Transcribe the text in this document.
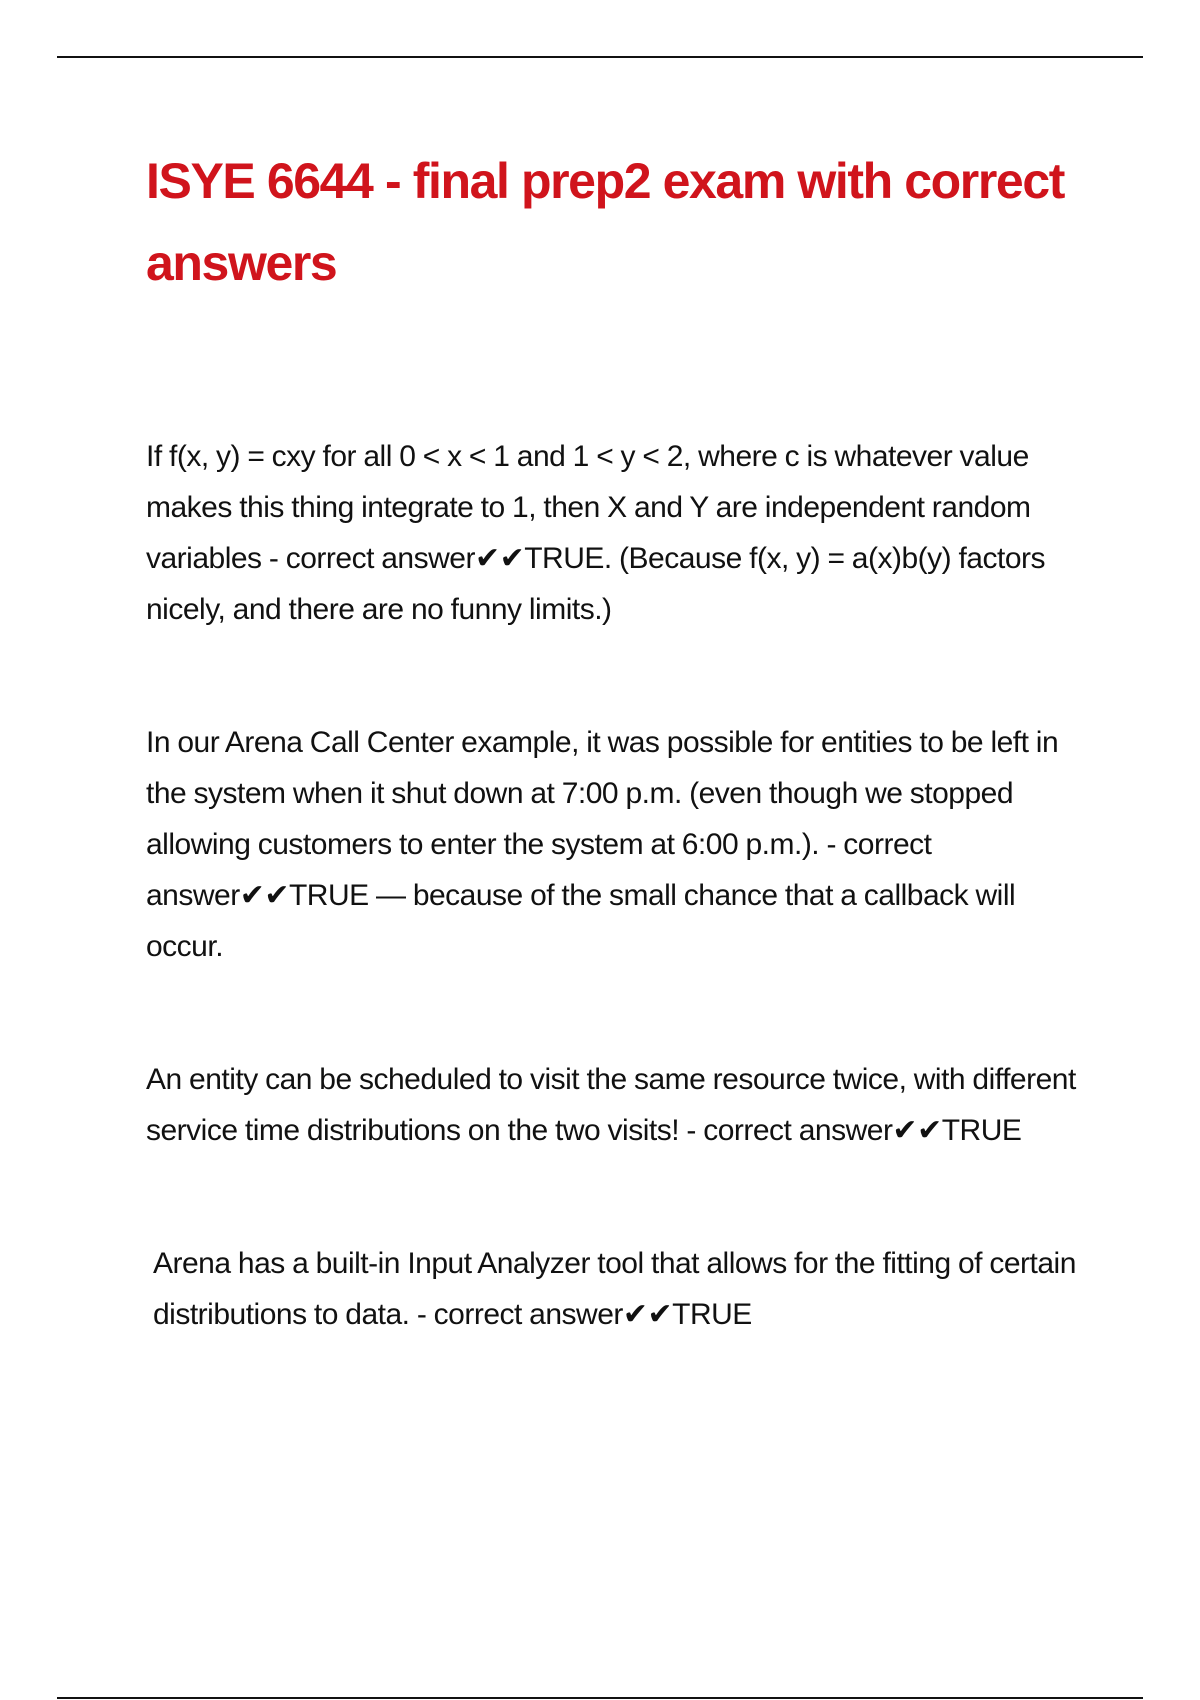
ISYE 6644 - final prep2 exam with correct answers

If f(x, y) = cxy for all 0 < x < 1 and 1 < y < 2, where c is whatever value makes this thing integrate to 1, then X and Y are independent random variables - correct answer✔✔TRUE. (Because f(x, y) = a(x)b(y) factors nicely, and there are no funny limits.)

In our Arena Call Center example, it was possible for entities to be left in the system when it shut down at 7:00 p.m. (even though we stopped allowing customers to enter the system at 6:00 p.m.). - correct answer✔✔TRUE — because of the small chance that a callback will occur.

An entity can be scheduled to visit the same resource twice, with different service time distributions on the two visits! - correct answer✔✔TRUE

Arena has a built-in Input Analyzer tool that allows for the fitting of certain distributions to data. - correct answer✔✔TRUE
